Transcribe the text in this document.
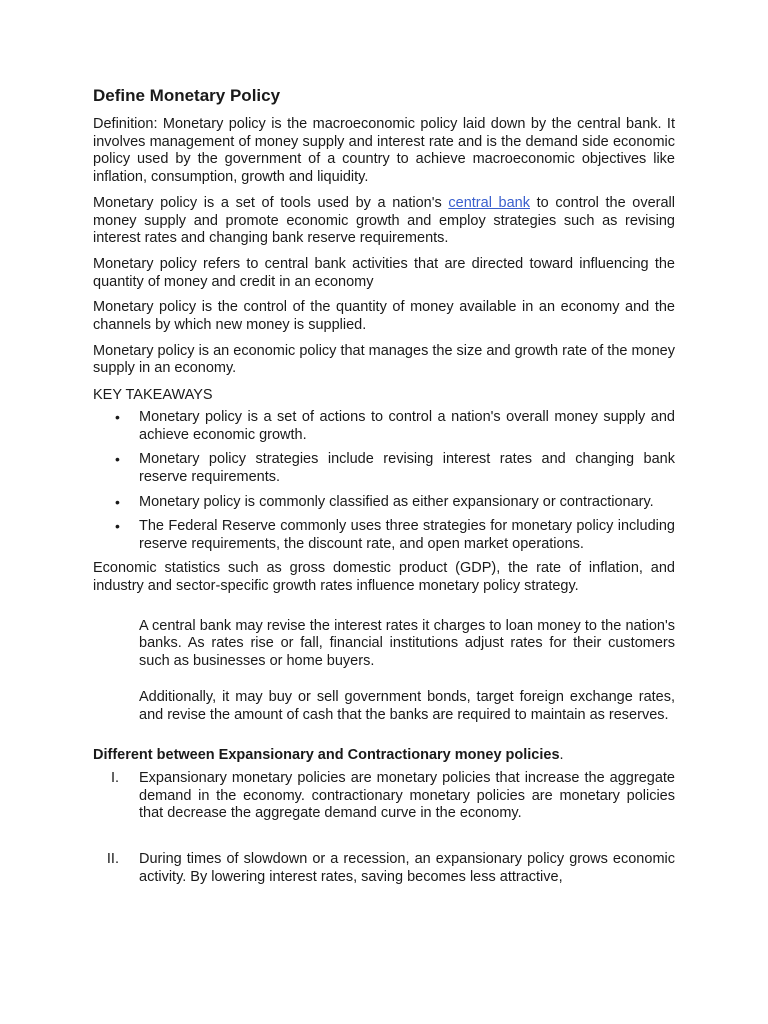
Define Monetary Policy

Definition: Monetary policy is the macroeconomic policy laid down by the central bank. It involves management of money supply and interest rate and is the demand side economic policy used by the government of a country to achieve macroeconomic objectives like inflation, consumption, growth and liquidity.

Monetary policy is a set of tools used by a nation's central bank to control the overall money supply and promote economic growth and employ strategies such as revising interest rates and changing bank reserve requirements.

Monetary policy refers to central bank activities that are directed toward influencing the quantity of money and credit in an economy

Monetary policy is the control of the quantity of money available in an economy and the channels by which new money is supplied.

Monetary policy is an economic policy that manages the size and growth rate of the money supply in an economy.

KEY TAKEAWAYS
• Monetary policy is a set of actions to control a nation's overall money supply and achieve economic growth.
• Monetary policy strategies include revising interest rates and changing bank reserve requirements.
• Monetary policy is commonly classified as either expansionary or contractionary.
• The Federal Reserve commonly uses three strategies for monetary policy including reserve requirements, the discount rate, and open market operations.

Economic statistics such as gross domestic product (GDP), the rate of inflation, and industry and sector-specific growth rates influence monetary policy strategy.

A central bank may revise the interest rates it charges to loan money to the nation's banks. As rates rise or fall, financial institutions adjust rates for their customers such as businesses or home buyers.

Additionally, it may buy or sell government bonds, target foreign exchange rates, and revise the amount of cash that the banks are required to maintain as reserves.

Different between Expansionary and Contractionary money policies.
I. Expansionary monetary policies are monetary policies that increase the aggregate demand in the economy. contractionary monetary policies are monetary policies that decrease the aggregate demand curve in the economy.
II. During times of slowdown or a recession, an expansionary policy grows economic activity. By lowering interest rates, saving becomes less attractive,
